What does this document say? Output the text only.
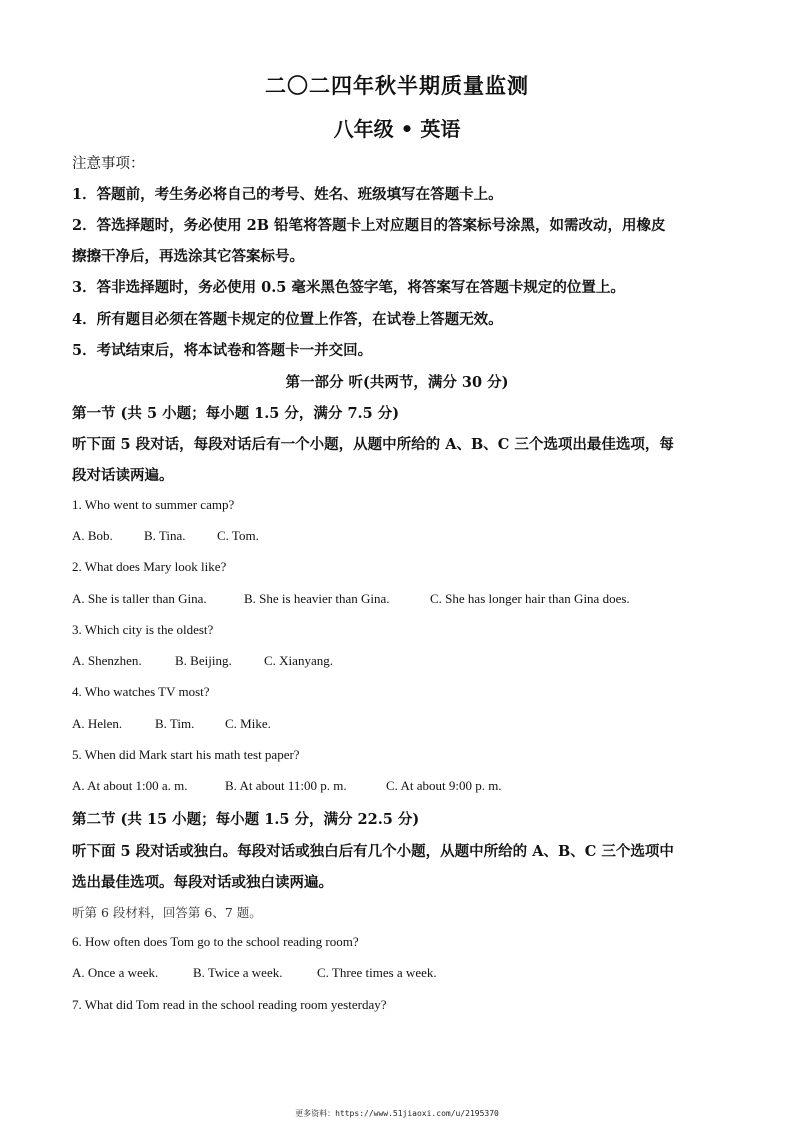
二〇二四年秋半期质量监测
八年级 • 英语
注意事项：
1．答题前，考生务必将自己的考号、姓名、班级填写在答题卡上。
2．答选择题时，务必使用 2B 铅笔将答题卡上对应题目的答案标号涂黑，如需改动，用橡皮
擦擦干净后，再选涂其它答案标号。
3．答非选择题时，务必使用 0.5 毫米黑色签字笔，将答案写在答题卡规定的位置上。
4．所有题目必须在答题卡规定的位置上作答，在试卷上答题无效。
5．考试结束后，将本试卷和答题卡一并交回。
第一部分 听(共两节，满分 30 分)
第一节 (共 5 小题；每小题 1.5 分，满分 7.5 分)
听下面 5 段对话，每段对话后有一个小题，从题中所给的 A、B、C 三个选项出最佳选项，每
段对话读两遍。
1. Who went to summer camp?
A. Bob. B. Tina. C. Tom.
2. What does Mary look like?
A. She is taller than Gina.	B. She is heavier than Gina.	C. She has longer hair than Gina does.
3. Which city is the oldest?
A. Shenzhen.	B. Beijing. C. Xianyang.
4. Who watches TV most?
A. Helen.	B. Tim. C. Mike.
5. When did Mark start his math test paper?
A. At about 1:00 a. m.	B. At about 11:00 p. m.	C. At about 9:00 p. m.
第二节 (共 15 小题；每小题 1.5 分，满分 22.5 分)
听下面 5 段对话或独白。每段对话或独白后有几个小题，从题中所给的 A、B、C 三个选项中
选出最佳选项。每段对话或独白读两遍。
听第 6 段材料，回答第 6、7 题。
6. How often does Tom go to the school reading room?
A. Once a week.	B. Twice a week.	C. Three times a week.
7. What did Tom read in the school reading room yesterday?
更多资料：https://www.51jiaoxi.com/u/2195370
